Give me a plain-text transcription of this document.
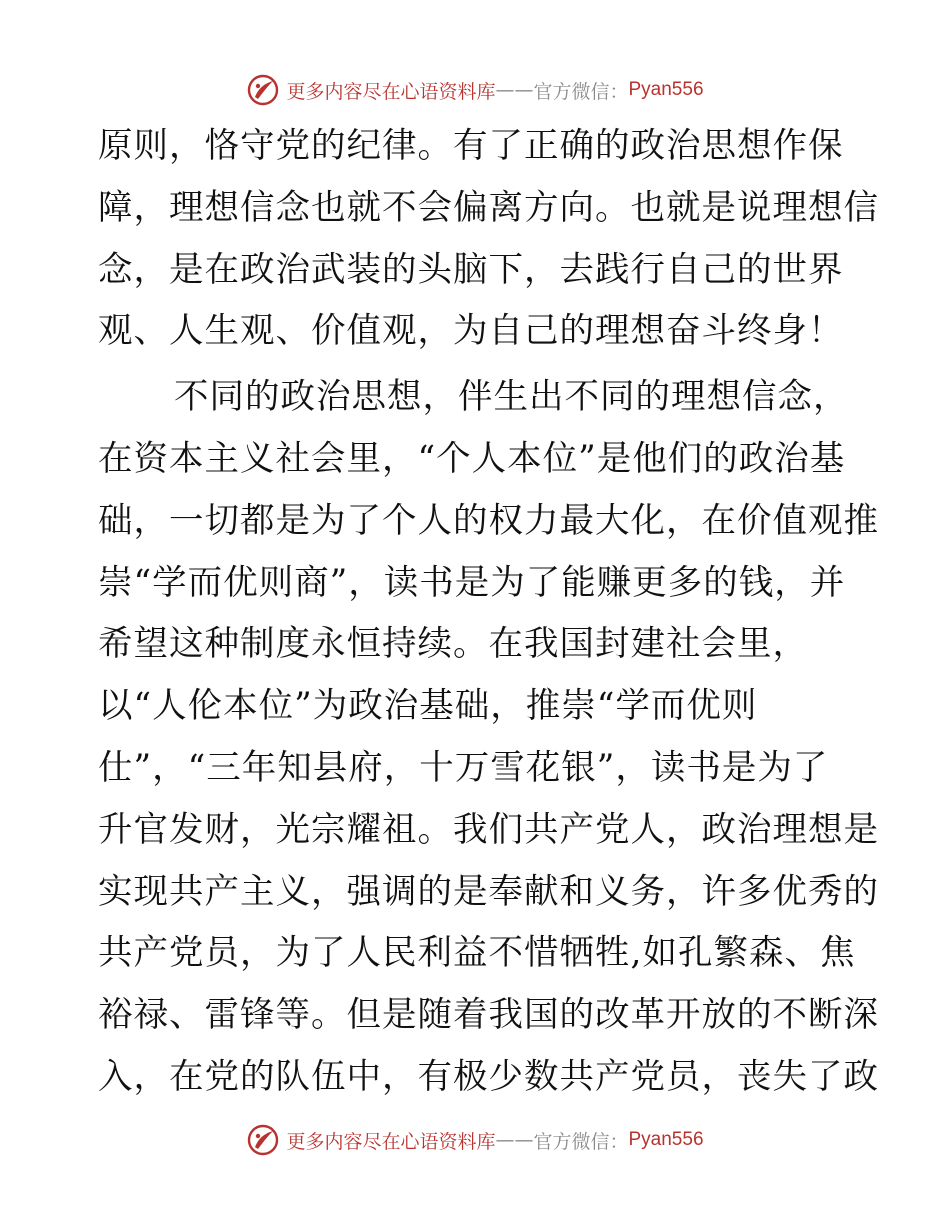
更多内容尽在心语资料库 —— 官方微信： Pyan556
原则，恪守党的纪律。有了正确的政治思想作保
障，理想信念也就不会偏离方向。也就是说理想信
念，是在政治武装的头脑下，去践行自己的世界
观、人生观、价值观，为自己的理想奋斗终身！
不同的政治思想，伴生出不同的理想信念，
在资本主义社会里，“个人本位”是他们的政治基
础，一切都是为了个人的权力最大化，在价值观推
崇“学而优则商”，读书是为了能赚更多的钱，并
希望这种制度永恒持续。在我国封建社会里，
以“人伦本位”为政治基础，推崇“学而优则
仕”，“三年知县府，十万雪花银”，读书是为了
升官发财，光宗耀祖。我们共产党人，政治理想是
实现共产主义，强调的是奉献和义务，许多优秀的
共产党员，为了人民利益不惜牺牲,如孔繁森、焦
裕禄、雷锋等。但是随着我国的改革开放的不断深
入，在党的队伍中，有极少数共产党员，丧失了政
更多内容尽在心语资料库 —— 官方微信： Pyan556
